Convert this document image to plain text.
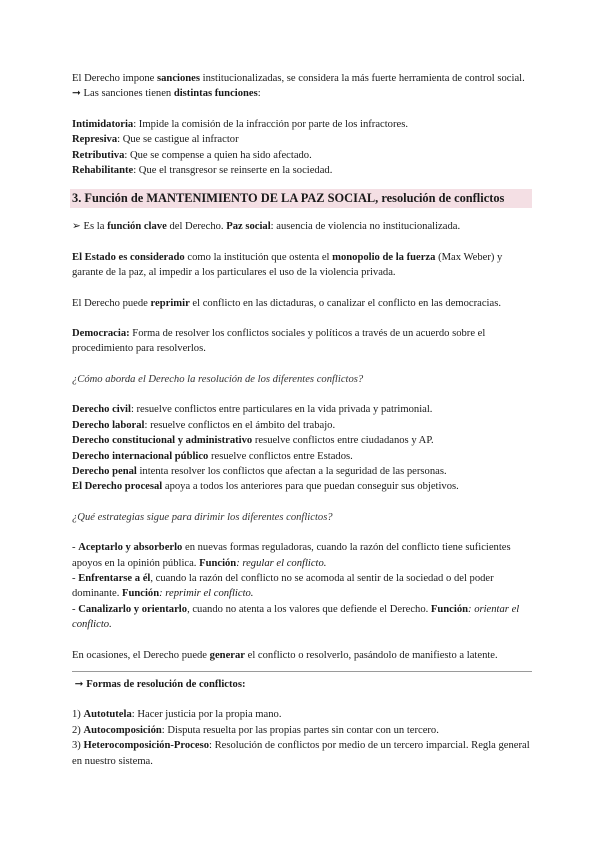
El Derecho impone sanciones institucionalizadas, se considera la más fuerte herramienta de control social. ➞ Las sanciones tienen distintas funciones:

Intimidatoria: Impide la comisión de la infracción por parte de los infractores.

Represiva: Que se castigue al infractor

Retributiva: Que se compense a quien ha sido afectado.

Rehabilitante: Que el transgresor se reinserte en la sociedad.

3. Función de MANTENIMIENTO DE LA PAZ SOCIAL, resolución de conflictos

➢ Es la función clave del Derecho. Paz social: ausencia de violencia no institucionalizada.

El Estado es considerado como la institución que ostenta el monopolio de la fuerza (Max Weber) y garante de la paz, al impedir a los particulares el uso de la violencia privada.

El Derecho puede reprimir el conflicto en las dictaduras, o canalizar el conflicto en las democracias.

Democracia: Forma de resolver los conflictos sociales y políticos a través de un acuerdo sobre el procedimiento para resolverlos.

¿Cómo aborda el Derecho la resolución de los diferentes conflictos?

Derecho civil: resuelve conflictos entre particulares en la vida privada y patrimonial.

Derecho laboral: resuelve conflictos en el ámbito del trabajo.

Derecho constitucional y administrativo resuelve conflictos entre ciudadanos y AP.

Derecho internacional público resuelve conflictos entre Estados.

Derecho penal intenta resolver los conflictos que afectan a la seguridad de las personas.

El Derecho procesal apoya a todos los anteriores para que puedan conseguir sus objetivos.

¿Qué estrategias sigue para dirimir los diferentes conflictos?

- Aceptarlo y absorberlo en nuevas formas reguladoras, cuando la razón del conflicto tiene suficientes apoyos en la opinión pública. Función: regular el conflicto.

- Enfrentarse a él, cuando la razón del conflicto no se acomoda al sentir de la sociedad o del poder dominante. Función: reprimir el conflicto.

- Canalizarlo y orientarlo, cuando no atenta a los valores que defiende el Derecho. Función: orientar el conflicto.

En ocasiones, el Derecho puede generar el conflicto o resolverlo, pasándolo de manifiesto a latente.

➞ Formas de resolución de conflictos:

1) Autotutela: Hacer justicia por la propia mano.

2) Autocomposición: Disputa resuelta por las propias partes sin contar con un tercero.

3) Heterocomposición-Proceso: Resolución de conflictos por medio de un tercero imparcial. Regla general en nuestro sistema.
